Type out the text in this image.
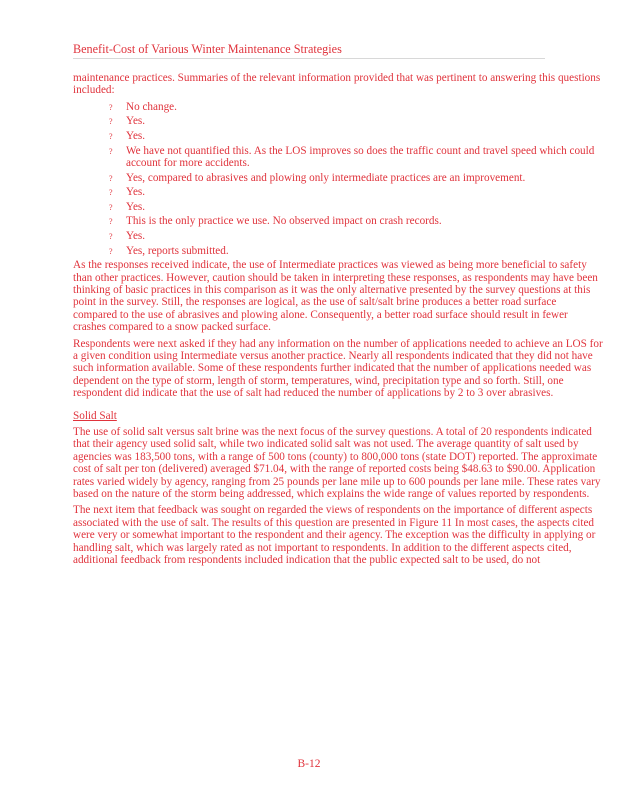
Benefit-Cost of Various Winter Maintenance Strategies

maintenance practices. Summaries of the relevant information provided that was pertinent to answering this questions included:

? No change.
? Yes.
? Yes.
? We have not quantified this. As the LOS improves so does the traffic count and travel speed which could account for more accidents.
? Yes, compared to abrasives and plowing only intermediate practices are an improvement.
? Yes.
? Yes.
? This is the only practice we use. No observed impact on crash records.
? Yes.
? Yes, reports submitted.

As the responses received indicate, the use of Intermediate practices was viewed as being more beneficial to safety than other practices. However, caution should be taken in interpreting these responses, as respondents may have been thinking of basic practices in this comparison as it was the only alternative presented by the survey questions at this point in the survey. Still, the responses are logical, as the use of salt/salt brine produces a better road surface compared to the use of abrasives and plowing alone. Consequently, a better road surface should result in fewer crashes compared to a snow packed surface.

Respondents were next asked if they had any information on the number of applications needed to achieve an LOS for a given condition using Intermediate versus another practice. Nearly all respondents indicated that they did not have such information available. Some of these respondents further indicated that the number of applications needed was dependent on the type of storm, length of storm, temperatures, wind, precipitation type and so forth. Still, one respondent did indicate that the use of salt had reduced the number of applications by 2 to 3 over abrasives.

Solid Salt

The use of solid salt versus salt brine was the next focus of the survey questions. A total of 20 respondents indicated that their agency used solid salt, while two indicated solid salt was not used. The average quantity of salt used by agencies was 183,500 tons, with a range of 500 tons (county) to 800,000 tons (state DOT) reported. The approximate cost of salt per ton (delivered) averaged $71.04, with the range of reported costs being $48.63 to $90.00. Application rates varied widely by agency, ranging from 25 pounds per lane mile up to 600 pounds per lane mile. These rates vary based on the nature of the storm being addressed, which explains the wide range of values reported by respondents.

The next item that feedback was sought on regarded the views of respondents on the importance of different aspects associated with the use of salt. The results of this question are presented in Figure 11 In most cases, the aspects cited were very or somewhat important to the respondent and their agency. The exception was the difficulty in applying or handling salt, which was largely rated as not important to respondents. In addition to the different aspects cited, additional feedback from respondents included indication that the public expected salt to be used, do not

B-12
